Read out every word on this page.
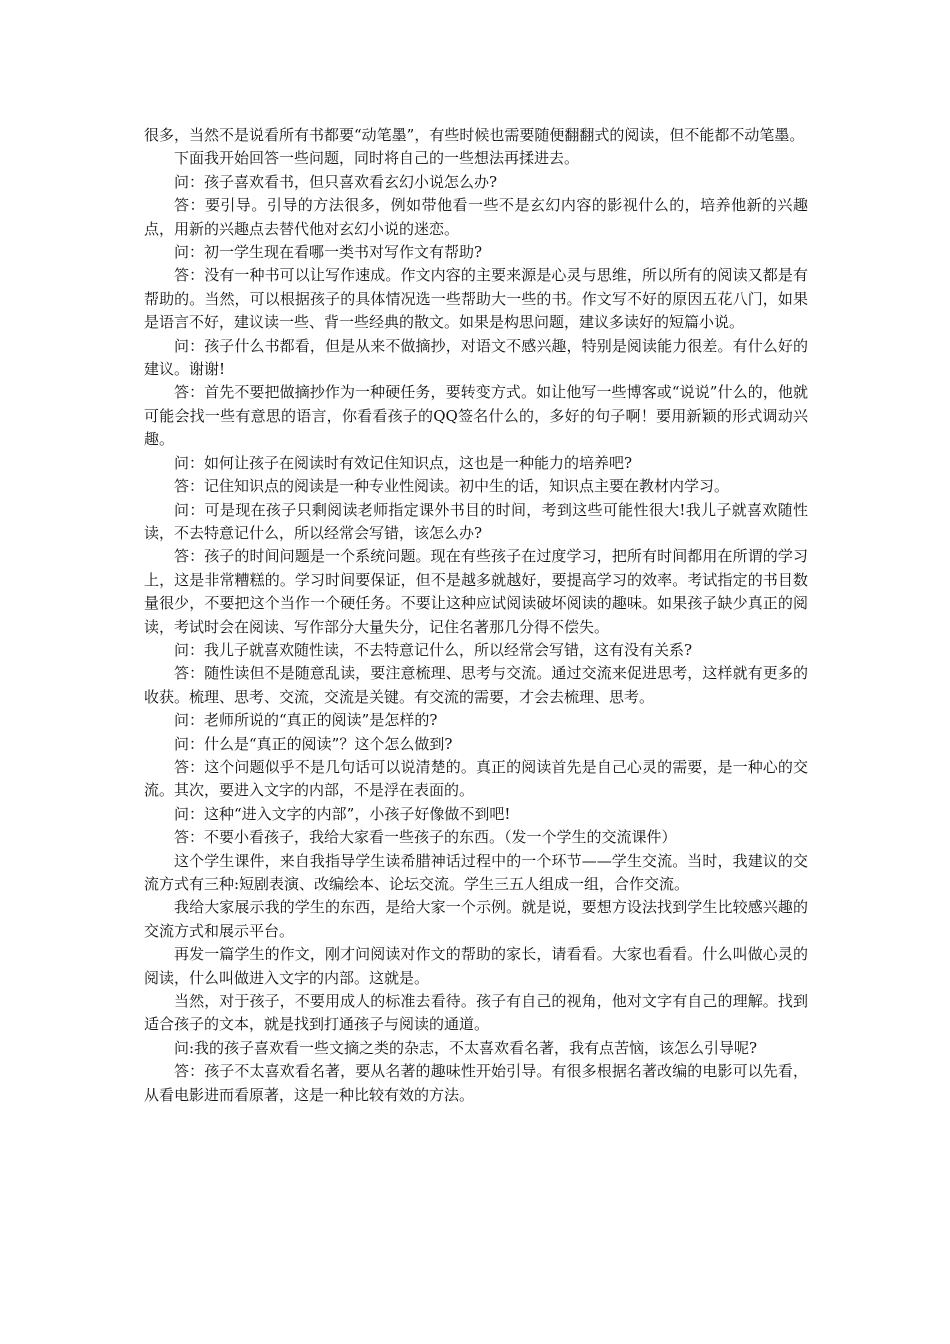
很多，当然不是说看所有书都要“动笔墨”，有些时候也需要随便翻翻式的阅读，但不能都不动笔墨。

下面我开始回答一些问题，同时将自己的一些想法再揉进去。

问：孩子喜欢看书，但只喜欢看玄幻小说怎么办?

答：要引导。引导的方法很多，例如带他看一些不是玄幻内容的影视什么的，培养他新的兴趣点，用新的兴趣点去替代他对玄幻小说的迷恋。

问：初一学生现在看哪一类书对写作文有帮助?

答：没有一种书可以让写作速成。作文内容的主要来源是心灵与思维，所以所有的阅读又都是有帮助的。当然，可以根据孩子的具体情况选一些帮助大一些的书。作文写不好的原因五花八门，如果是语言不好，建议读一些、背一些经典的散文。如果是构思问题，建议多读好的短篇小说。

问：孩子什么书都看，但是从来不做摘抄，对语文不感兴趣，特别是阅读能力很差。有什么好的建议。谢谢!

答：首先不要把做摘抄作为一种硬任务，要转变方式。如让他写一些博客或“说说”什么的，他就可能会找一些有意思的语言，你看看孩子的QQ签名什么的，多好的句子啊！要用新颖的形式调动兴趣。

问：如何让孩子在阅读时有效记住知识点，这也是一种能力的培养吧?

答：记住知识点的阅读是一种专业性阅读。初中生的话，知识点主要在教材内学习。

问：可是现在孩子只剩阅读老师指定课外书目的时间，考到这些可能性很大!我儿子就喜欢随性读，不去特意记什么，所以经常会写错，该怎么办?

答：孩子的时间问题是一个系统问题。现在有些孩子在过度学习，把所有时间都用在所谓的学习上，这是非常糟糕的。学习时间要保证，但不是越多就越好，要提高学习的效率。考试指定的书目数量很少，不要把这个当作一个硬任务。不要让这种应试阅读破坏阅读的趣味。如果孩子缺少真正的阅读，考试时会在阅读、写作部分大量失分，记住名著那几分得不偿失。

问：我儿子就喜欢随性读，不去特意记什么，所以经常会写错，这有没有关系?

答：随性读但不是随意乱读，要注意梳理、思考与交流。通过交流来促进思考，这样就有更多的收获。梳理、思考、交流，交流是关键。有交流的需要，才会去梳理、思考。

问：老师所说的“真正的阅读”是怎样的?

问：什么是“真正的阅读”？这个怎么做到?

答：这个问题似乎不是几句话可以说清楚的。真正的阅读首先是自己心灵的需要，是一种心的交流。其次，要进入文字的内部，不是浮在表面的。

问：这种“进入文字的内部”，小孩子好像做不到吧!

答：不要小看孩子，我给大家看一些孩子的东西。（发一个学生的交流课件）

这个学生课件，来自我指导学生读希腊神话过程中的一个环节——学生交流。当时，我建议的交流方式有三种:短剧表演、改编绘本、论坛交流。学生三五人组成一组，合作交流。

我给大家展示我的学生的东西，是给大家一个示例。就是说，要想方设法找到学生比较感兴趣的交流方式和展示平台。

再发一篇学生的作文，刚才问阅读对作文的帮助的家长，请看看。大家也看看。什么叫做心灵的阅读，什么叫做进入文字的内部。这就是。

当然，对于孩子，不要用成人的标准去看待。孩子有自己的视角，他对文字有自己的理解。找到适合孩子的文本，就是找到打通孩子与阅读的通道。

问:我的孩子喜欢看一些文摘之类的杂志，不太喜欢看名著，我有点苦恼，该怎么引导呢?

答：孩子不太喜欢看名著，要从名著的趣味性开始引导。有很多根据名著改编的电影可以先看，从看电影进而看原著，这是一种比较有效的方法。
